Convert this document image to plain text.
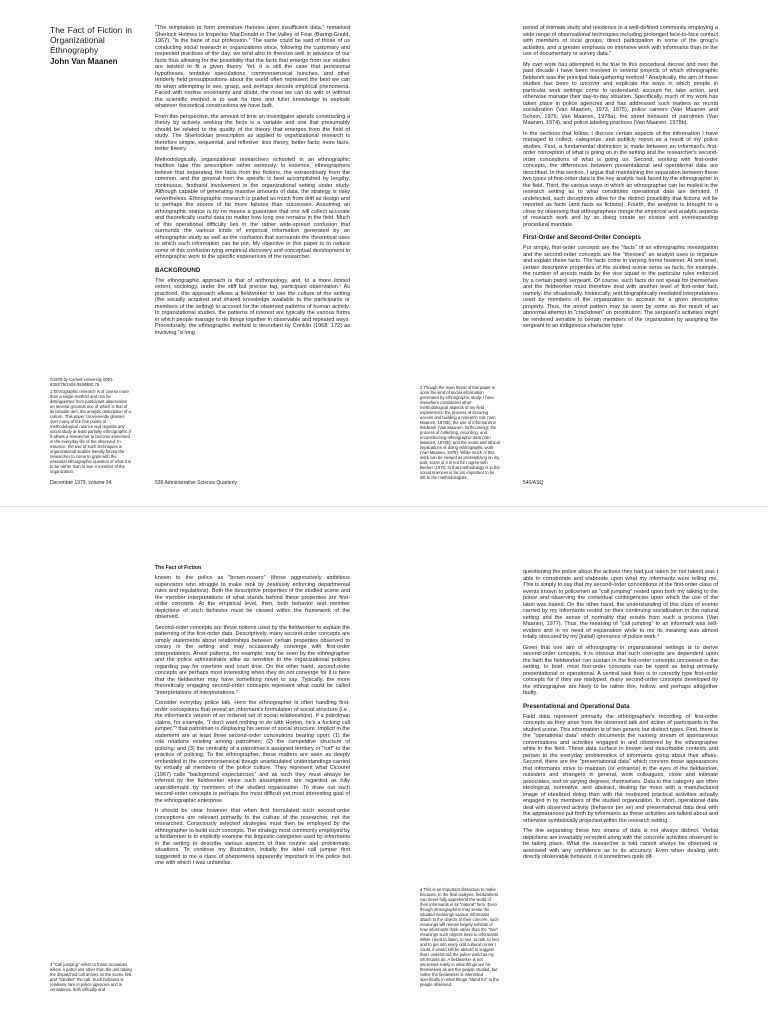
The Fact of Fiction in Organizational Ethnography

John Van Maanen

©1979 by Cornell University 0001-8392/79/2404-0539$00.75

1 Ethnographic research is of course more than a single method and can be distinguished from participant observation on several grounds one of which is that of its broader aim, the analytic description of a culture. This paper conveniently glosses over many of the fine points of methodological nuance and regards any social study at least partially ethnographic if it allows a researcher to become immersed in the everyday life of the observed. In essence, the use of such techniques in organizational studies literally forces the researcher to come to grips with the essential ethnographic question of what it is to be rather than to see a member of the organization.

December 1979, volume 24

"The temptation to form premature theories upon insufficient data," remarked Sherlock Holmes to Inspector MacDonald in The Valley of Fear (Baring-Gould, 1967), "is the bane of our profession." The same could be said of those of us conducting social research in organizations since, following the customary and respected practices of the day, we tend also to theorize well in advance of our facts thus allowing for the possibility that the facts that emerge from our studies are twisted to fit a given theory. Yet, it is still the case that provisional hypotheses, tentative speculations, commonsensical hunches, and other tenderly held presuppositions about the world often represent the best we can do when attempting to see, grasp, and perhaps decode empirical phenomena. Faced with routine uncertainty and doubt, the most we can do with or without the scientific method is to wait for time and fuller knowledge to explode whatever theoretical constructions we have built.

From this perspective, the amount of time an investigator spends constructing a theory by actively seeking the facts is a variable and one that presumably should be related to the quality of the theory that emerges from the field of study. The Sherlockian prescription as applied to organizational research is therefore simple, sequential, and reflexive: less theory, better facts; more facts, better theory.

Methodologically, organizational researchers schooled in an ethnographic tradition take this prescription rather seriously. In essence, ethnographers believe that separating the facts from the fictions, the extraordinary from the common, and the general from the specific is best accomplished by lengthy, continuous, firsthand involvement in the organizational setting under study. Although capable of generating massive amounts of data, the strategy is risky nevertheless. Ethnographic research is guided as much from drift as design and is perhaps the source of far more failures than successes. Assuming an ethnographic stance is by no means a guarantee that one will collect accurate and theoretically useful data no matter how long one remains in the field. Much of this operational difficulty lies in the rather wide-spread confusion that surrounds the various kinds of empirical information generated by an ethnographic study as well as the confusion that surrounds the theoretical uses to which such information can be put. My objective in this paper is to reduce some of this confusion tying empirical discovery and conceptual development in ethnographic work to the specific experiences of the researcher.

BACKGROUND

The ethnographic approach is that of anthropology, and, to a more limited extent, sociology, under the stiff but precise tag, participant observation.¹ As practiced, this approach allows a fieldworker to use the culture of the setting (the socially acquired and shared knowledge available to the participants or members of the setting) to account for the observed patterns of human activity. In organizational studies, the patterns of interest are typically the various forms in which people manage to do things together in observable and repeated ways. Procedurally, the ethnographic method is described by Conklin (1968: 172) as involving "a long

539 Administrative Science Quarterly

2 Though the main thrust of this paper is upon the kind of social information generated by ethnographic study, I have elsewhere considered other methodological aspects of my field experiences: the process of securing access and building a research role (Van Maanen, 1978b); the use of informants in fieldwork (Van Maanen, forthcoming); the process of collecting, recording, and reconstructing ethnographic data (Van Maanen, 1978b); and the moral and ethical implications of doing ethnographic work (Van Maanen, 1979). While much of this work can be viewed as proselytizing on my part, some of it is not for I agree with Becker (1970: 3) that methodology is in the social sciences is far too important to be left to the methodologists.

period of intimate study and residence in a well-defined community employing a wide range of observational techniques including prolonged face-to-face contact with members of local groups, direct participation in some of the group's activities, and a greater emphasis on intensive work with informants than on the use of documentary or survey data."

My own work has attempted to be true to this procedural decree and over the past decade I have been involved in several projects of which ethnographic fieldwork was the principal data-gathering method.² Analytically, the aim of these studies has been to uncover and explicate the ways in which people in particular work settings come to understand, account for, take action, and otherwise manage their day-to-day situation. Specifically, much of my work has taken place in police agencies and has addressed such matters as recruit socialization (Van Maanen, 1973, 1975), police careers (Van Maanen and Schein, 1976; Van Maanen, 1978a), the street behavior of patrolmen (Van Maanen, 1974), and police labeling practices (Van Maanen, 1978b).

In the sections that follow, I discuss certain aspects of the information I have managed to collect, categorize, and publicly report as a result of my police studies. First, a fundamental distinction is made between an informant's first-order conception of what is going on in the setting and the researcher's second-order conceptions of what is going on. Second, working with first-order concepts, the differences between presentational and operational data are described. In this section, I argue that maintaining the separation between these two types of first-order data is the key analytic task faced by the ethnographer in the field. Third, the various ways in which an ethnographer can be misled in the research setting as to what constitutes operational data are denoted. If undetected, such deceptions allow for the distinct possibility that fictions will be reported as facts (and facts as fictions). Fourth, the analysis is brought to a close by observing that ethnographers merge the empirical and analytic aspects of research work and by so doing create an elusive and everexpanding procedural mandate.

First-Order and Second-Order Concepts

Put simply, first-order concepts are the "facts" of an ethnographic investigation and the second-order concepts are the "theories" an analyst uses to organize and explain these facts. The facts come in varying forms however. At one level, certain descriptive properties of the studied scene serve as facts, for example, the number of arrests made by the vice squad or the particular rules enforced by a certain patrol sergeant. Of course, such facts do not speak for themselves and the fieldworker must therefore deal with another level of first-order fact, namely: the situationally, historically, and biographically mediated interpretations used by members of the organization to account for a given descriptive property. Thus, the arrest pattern may be seen by some as the result of an abnormal attempt to "crackdown" on prostitution. The sergeant's activities might be rendered sensible to certain members of the organization by assigning the sergeant to an indigenous character type

540/ASQ
The Fact of Fiction

known to the police as "brown-nosers" (those aggressively ambitious supervisors who struggle to make rank by zealously enforcing departmental rules and regulations). Both the descriptive properties of the studied scene and the member interpretations of what stands behind these properties are first-order concepts. At the empirical level, then, both behavior and member depictions of such behavior must be viewed within the framework of the observed.

Second-order concepts are those notions used by the fieldworker to explain the patterning of the first-order data. Descriptively, many second-order concepts are simply statements about relationships between certain properties observed to covary in the setting and may occasionally converge with first-order interpretations. Arrest patterns, for example, may be seen by the ethnographer and the police administrator alike as sensitive to the organizational policies regarding pay for overtime and court time. On the other hand, second-order concepts are perhaps most interesting when they do not converge for it is here that the fieldworker may have something novel to say. Typically, the more theoretically engaging second-order concepts represent what could be called "interpretations of interpretations."

Consider everyday police talk. Here the ethnographer is often handling first-order conceptions that reveal an informant's formulation of social structure (i.e., the informant's version of an ordered set of social relationships). If a patrolman claims, for example, "I don't want nothing to do with Horton, he's a fucking call jumper,"³ that patrolman is displaying his sense of social structure. Implicit in the statement are at least three second-order conceptions bearing upon: (1) the role relations existing among patrolmen; (2) the competitive structure of policing; and (3) the centrality of a patrolman's assigned territory or "turf" to the practice of policing. To the ethnographer, these matters are seen as deeply embedded in the commonsensical though unarticulated understandings carried by virtually all members of the police culture. They represent what Cicourel (1967) calls "background expectancies" and as such they must always be inferred by the fieldworker since such assumptions are regarded as fully unproblematic by members of the studied organization. To draw out such second-order concepts is perhaps the most difficult yet most interesting goal of the ethnographic enterprise.

It should be clear however that when first formulated such second-order conceptions are relevant primarily to the culture of the researcher, not the researched. Consciously selected strategies must then be employed by the ethnographer to build such concepts. The strategy most commonly employed by a fieldworker is to explicitly examine the linguistic categories used by informants in the setting to describe various aspects of their routine and problematic situations. To continue my illustration, initially the label call jumper first suggested to me a class of phenomena apparently important to the police but one with which I was unfamiliar.

3 "Call jumping" refers to those occasions where a patrol unit other than the unit taking the dispatched call arrives on the scene first and "handles" the call. Such behavior is relatively rare in police agencies and is considered, both officially and

4 This is an important distinction to make because, in the final analysis, fieldworkers can never fully apprehend the world of their informants in its "natural" form. Even though ethnographers may sense the situated meanings various informants attach to the objects of their concern, such meanings will remain largely exhibits of how informants think rather than the "true" meanings such objects have to informants. While I tried to listen, to see, to talk, to feel, and to get into every odd cultural corner I could, it would still be absurd to suggest that I understood the police world as my informants do. A fieldworker is not interested solely in what things are for themselves as are the people studied, but rather the fieldworker is interested specifically in what things "stand for" to the people observed.

questioning the police about the actions they had just taken (or not taken) was I able to corroborate and elaborate upon what my informants were telling me. This is simply to say that my second-order conceptions of the first-order class of events known to policemen as "call jumping" rested upon both my talking to the police and observing the contextual contingencies upon which the use of the label was based. On the other hand, the understanding of this class of events carried by my informants rested on their continuing socialization in the natural setting and the sense of normality that results from such a process (Van Maanen, 1977). Thus, the meaning of "call jumping" to an informant was self-evident and in no need of explanation while to me its meaning was almost totally obscured by my [initial] ignorance of police work.⁴

Given that one aim of ethnography in organizational settings is to derive second-order concepts, it is obvious that such concepts are dependent upon the faith the fieldworker can sustain in the first-order concepts uncovered in the setting. In brief, most first-order concepts can be typed as being primarily presentational or operational. A central task then is to correctly type first-order concepts for if they are mistyped, many second-order concepts developed by the ethnographer are likely to be rather thin, hollow, and perhaps altogether faulty.

Presentational and Operational Data

Field data represent primarily the ethnographer's recording of first-order concepts as they arise from the observed talk and action of participants in the studied scene. This information is of two generic but distinct types. First, there is the "operational data" which documents the running stream of spontaneous conversations and activities engaged in and observed by the ethnographer while in the field. These data surface in known and describable contexts and pertain to the everyday problematics of informants going about their affairs. Second, there are the "presentational data" which concern those appearances that informants strive to maintain (or enhance) in the eyes of the fieldworker, outsiders and strangers in general, work colleagues, close and intimate associates, and to varying degrees, themselves. Data in this category are often ideological, normative, and abstract, dealing far more with a manufactured image of idealized doing than with the routinized practical activities actually engaged in by members of the studied organization. In short, operational data deal with observed activity (behavior per se) and presentational data deal with the appearances put forth by informants as these activities are talked about and otherwise symbolically projected within the research setting.

The line separating these two strains of data is not always distinct. Verbal depictions are invariably recorded along with the concrete activities observed to be taking place. What the researcher is told cannot always be observed or assessed with any confidence as to its accuracy. Even when dealing with directly observable behavior, it is sometimes quite dif-
